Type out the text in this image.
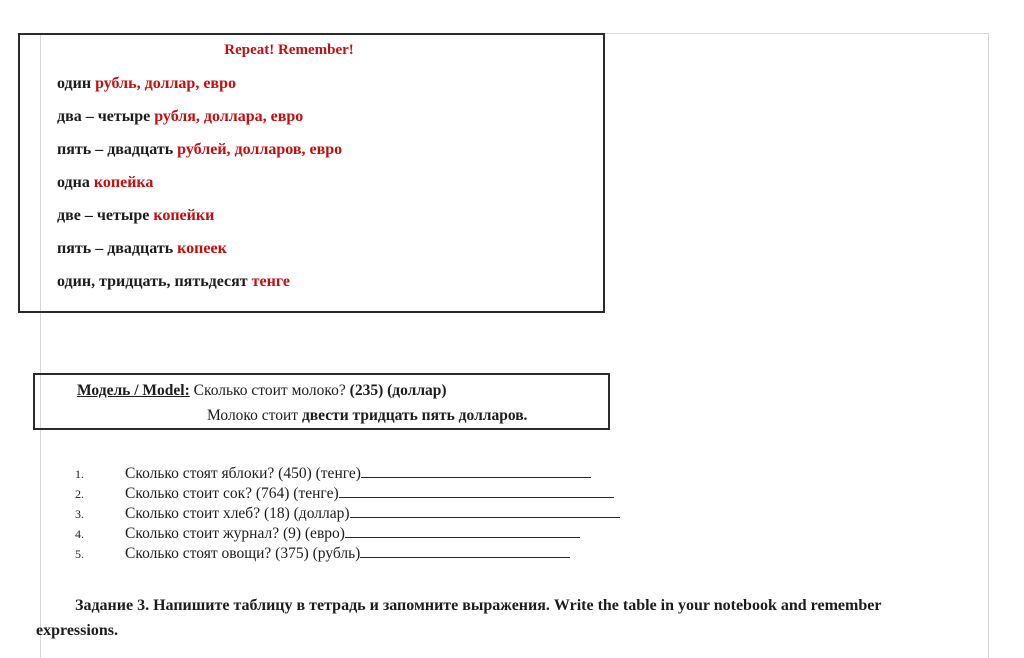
Repeat! Remember!
один рубль, доллар, евро
два – четыре рубля, доллара, евро
пять – двадцать рублей, долларов, евро
одна копейка
две – четыре копейки
пять – двадцать копеек
один, тридцать, пятьдесят тенге
Модель / Model: Сколько стоит молоко? (235) (доллар)
Молоко стоит двести тридцать пять долларов.
1.	Сколько стоят яблоки? (450) (тенге)
2.	Сколько стоит сок? (764) (тенге)
3.	Сколько стоит хлеб? (18) (доллар)
4.	Сколько стоит журнал? (9) (евро)
5.	Сколько стоят овощи? (375) (рубль)

Задание 3. Напишите таблицу в тетрадь и запомните выражения. Write the table in your notebook and remember expressions.
